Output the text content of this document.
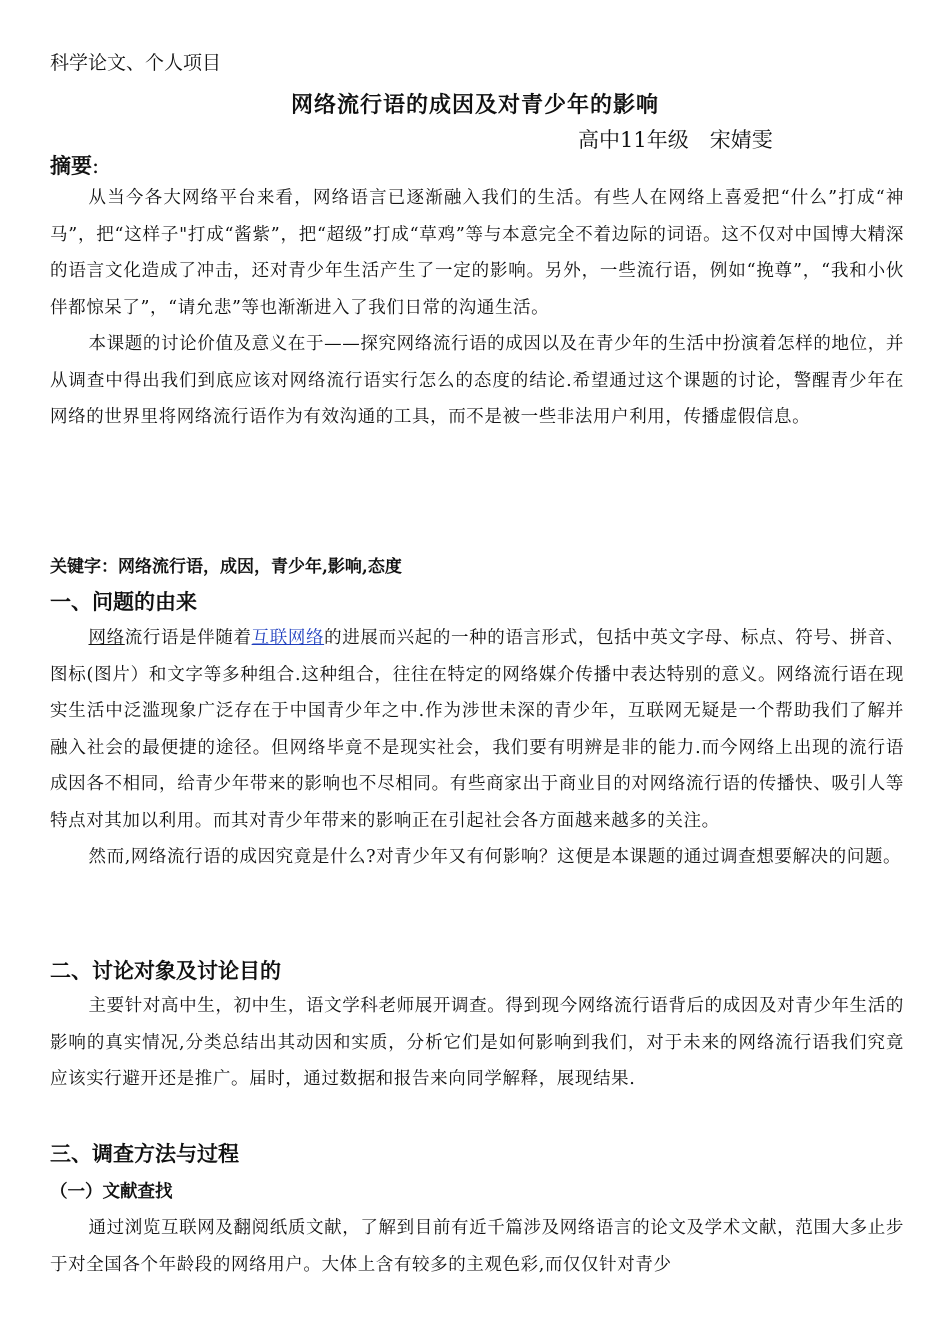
科学论文、个人项目
网络流行语的成因及对青少年的影响
高中11年级　宋婧雯
摘要:

从当今各大网络平台来看，网络语言已逐渐融入我们的生活。有些人在网络上喜爱把“什么”打成“神马”，把“这样子"打成“酱紫”，把“超级”打成“草鸡”等与本意完全不着边际的词语。这不仅对中国博大精深的语言文化造成了冲击，还对青少年生活产生了一定的影响。另外，一些流行语，例如“挽尊”，“我和小伙伴都惊呆了”，“请允悲”等也渐渐进入了我们日常的沟通生活。

本课题的讨论价值及意义在于——探究网络流行语的成因以及在青少年的生活中扮演着怎样的地位，并从调查中得出我们到底应该对网络流行语实行怎么的态度的结论.希望通过这个课题的讨论，警醒青少年在网络的世界里将网络流行语作为有效沟通的工具，而不是被一些非法用户利用，传播虚假信息。

关键字：网络流行语，成因，青少年,影响,态度
一、问题的由来

网络流行语是伴随着互联网络的进展而兴起的一种的语言形式，包括中英文字母、标点、符号、拼音、图标(图片）和文字等多种组合.这种组合，往往在特定的网络媒介传播中表达特别的意义。网络流行语在现实生活中泛滥现象广泛存在于中国青少年之中.作为涉世未深的青少年，互联网无疑是一个帮助我们了解并融入社会的最便捷的途径。但网络毕竟不是现实社会，我们要有明辨是非的能力.而今网络上出现的流行语成因各不相同，给青少年带来的影响也不尽相同。有些商家出于商业目的对网络流行语的传播快、吸引人等特点对其加以利用。而其对青少年带来的影响正在引起社会各方面越来越多的关注。

然而,网络流行语的成因究竟是什么?对青少年又有何影响？这便是本课题的通过调查想要解决的问题。

二、讨论对象及讨论目的

主要针对高中生，初中生，语文学科老师展开调查。得到现今网络流行语背后的成因及对青少年生活的影响的真实情况,分类总结出其动因和实质，分析它们是如何影响到我们，对于未来的网络流行语我们究竟应该实行避开还是推广。届时，通过数据和报告来向同学解释，展现结果.

三、调查方法与过程
（一）文献查找

通过浏览互联网及翻阅纸质文献，了解到目前有近千篇涉及网络语言的论文及学术文献，范围大多止步于对全国各个年龄段的网络用户。大体上含有较多的主观色彩,而仅仅针对青少
